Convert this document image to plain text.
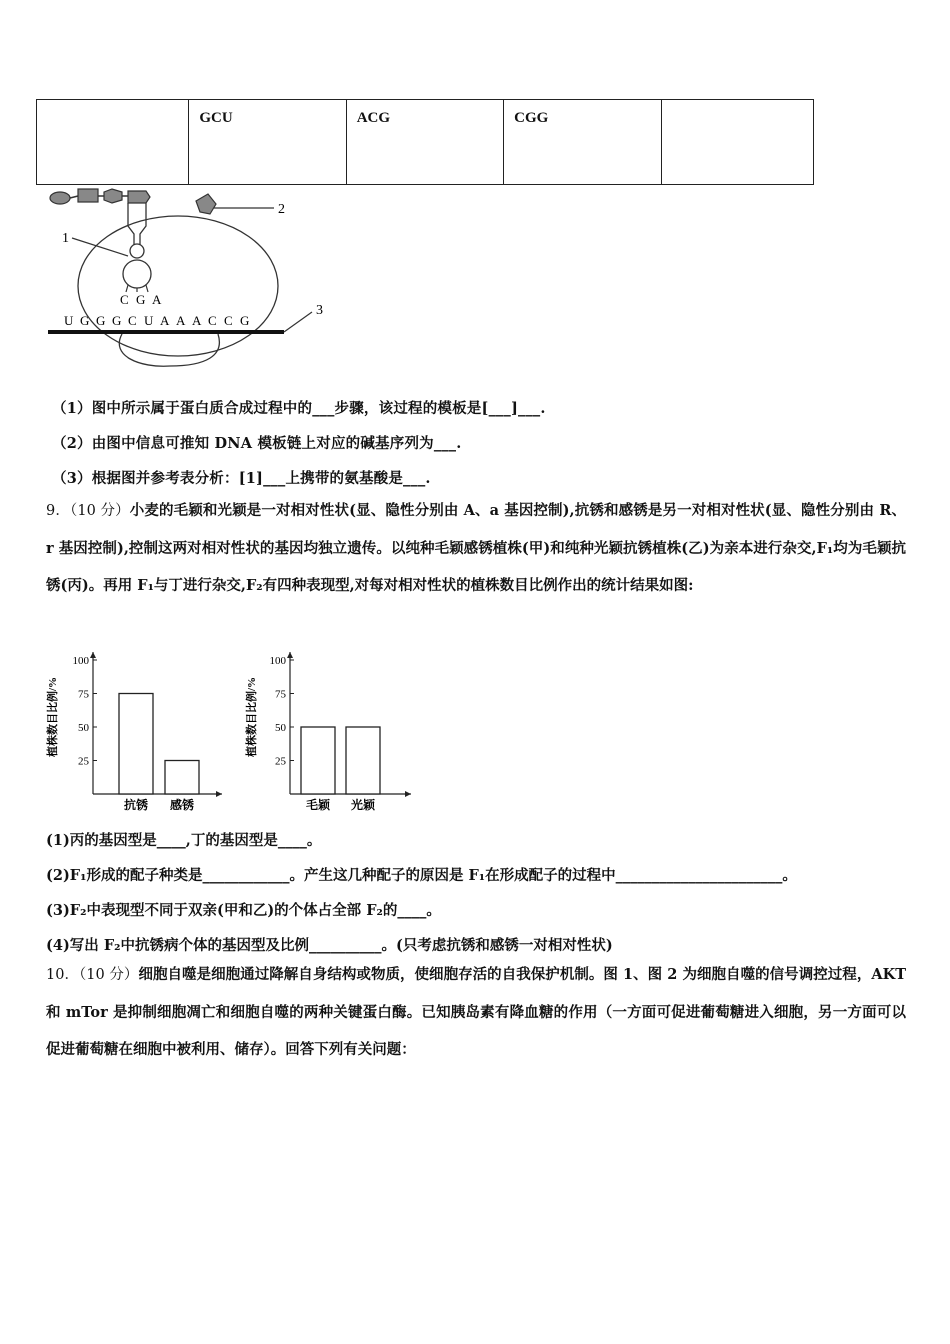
	GCU	ACG	CGG	
2
1
C G A
3
U G G G C U A A A C C G
（1）图中所示属于蛋白质合成过程中的___步骤，该过程的模板是[___]___.
（2）由图中信息可推知 DNA 模板链上对应的碱基序列为___.
（3）根据图并参考表分析：[1]___上携带的氨基酸是___.
9．（10 分）小麦的毛颖和光颖是一对相对性状(显、隐性分别由 A、a 基因控制),抗锈和感锈是另一对相对性状(显、隐性分别由 R、r 基因控制),控制这两对相对性状的基因均独立遗传。以纯种毛颖感锈植株(甲)和纯种光颖抗锈植株(乙)为亲本进行杂交,F₁均为毛颖抗锈(丙)。再用 F₁与丁进行杂交,F₂有四种表现型,对每对相对性状的植株数目比例作出的统计结果如图:
25
50
75
100
植株数目比例/%
抗锈 感锈
25
50
75
100
植株数目比例/%
毛颖 光颖
(1)丙的基因型是____,丁的基因型是____。
(2)F₁形成的配子种类是____________。产生这几种配子的原因是 F₁在形成配子的过程中_______________________。
(3)F₂中表现型不同于双亲(甲和乙)的个体占全部 F₂的____。
(4)写出 F₂中抗锈病个体的基因型及比例__________。(只考虑抗锈和感锈一对相对性状)
10．（10 分）细胞自噬是细胞通过降解自身结构或物质，使细胞存活的自我保护机制。图 1、图 2 为细胞自噬的信号调控过程，AKT 和 mTor 是抑制细胞凋亡和细胞自噬的两种关键蛋白酶。已知胰岛素有降血糖的作用（一方面可促进葡萄糖进入细胞，另一方面可以促进葡萄糖在细胞中被利用、储存）。回答下列有关问题：
